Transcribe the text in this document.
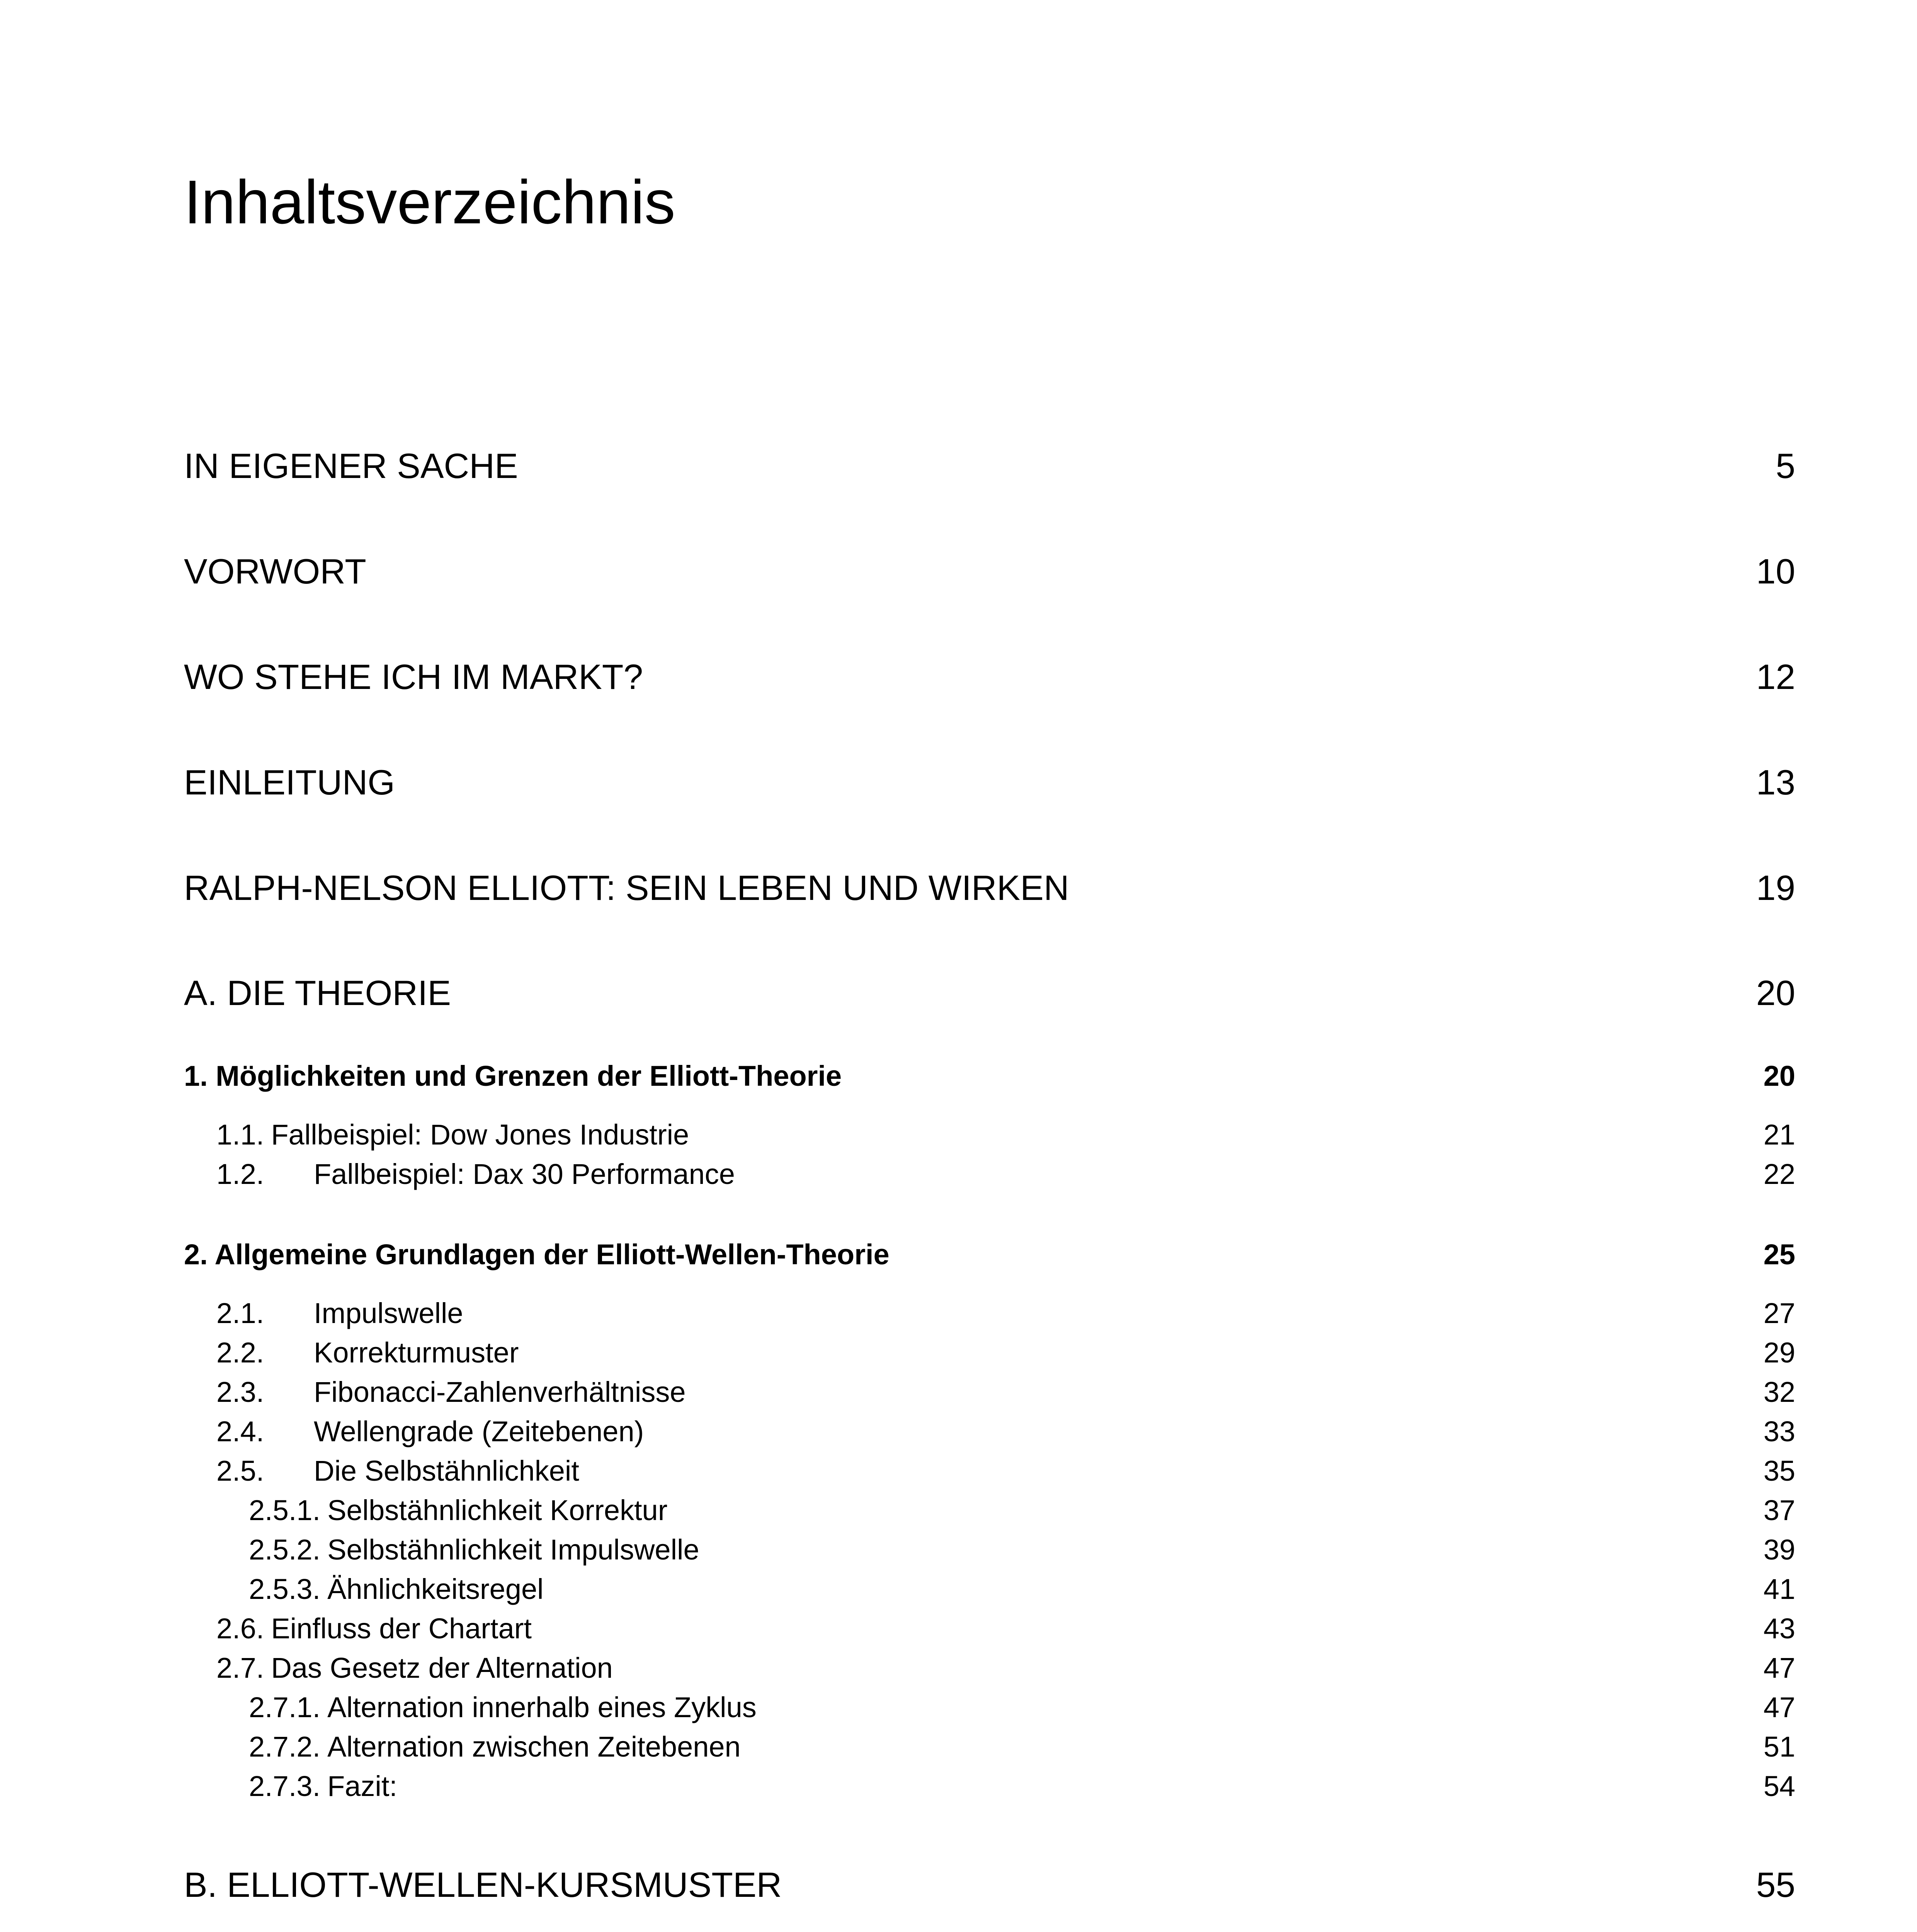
Inhaltsverzeichnis
IN EIGENER SACHE	5
VORWORT	10
WO STEHE ICH IM MARKT?	12
EINLEITUNG	13
RALPH-NELSON ELLIOTT: SEIN LEBEN UND WIRKEN	19
A. DIE THEORIE	20
1. Möglichkeiten und Grenzen der Elliott-Theorie	20
1.1. Fallbeispiel: Dow Jones Industrie	21
1.2. Fallbeispiel: Dax 30 Performance	22
2. Allgemeine Grundlagen der Elliott-Wellen-Theorie	25
2.1. Impulswelle	27
2.2. Korrekturmuster	29
2.3. Fibonacci-Zahlenverhältnisse	32
2.4. Wellengrade (Zeitebenen)	33
2.5. Die Selbstähnlichkeit	35
2.5.1. Selbstähnlichkeit Korrektur	37
2.5.2. Selbstähnlichkeit Impulswelle	39
2.5.3. Ähnlichkeitsregel	41
2.6. Einfluss der Chartart	43
2.7. Das Gesetz der Alternation	47
2.7.1. Alternation innerhalb eines Zyklus	47
2.7.2. Alternation zwischen Zeitebenen	51
2.7.3. Fazit:	54
B. ELLIOTT-WELLEN-KURSMUSTER	55
